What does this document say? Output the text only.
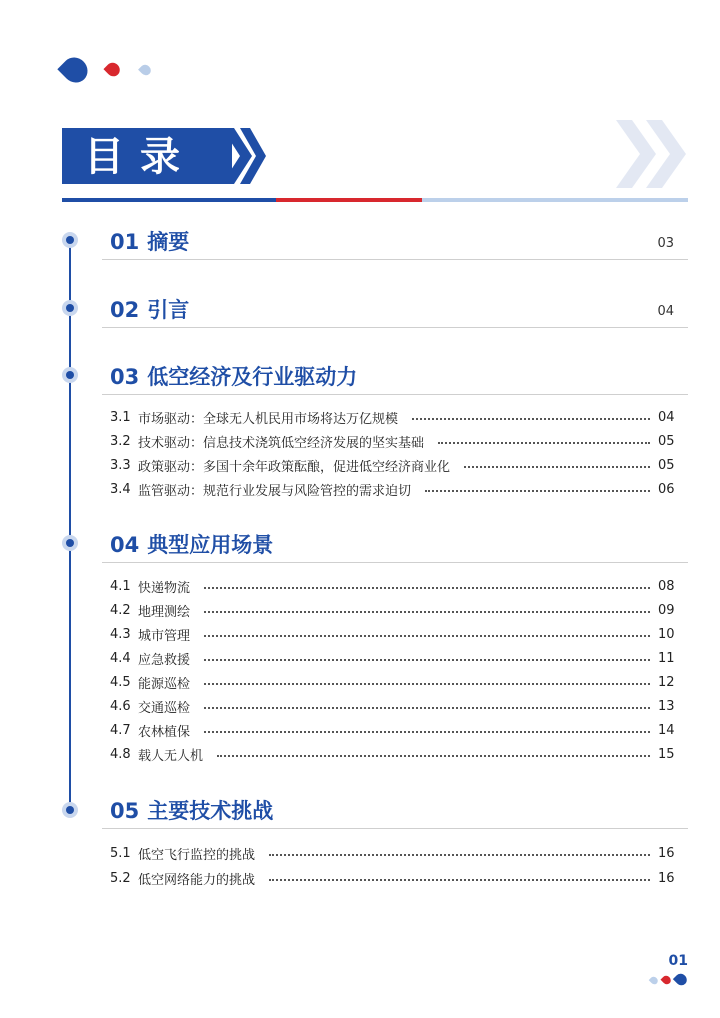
目录
01 摘要	03
02 引言	04
03 低空经济及行业驱动力
3.1 市场驱动：全球无人机民用市场将达万亿规模	04
3.2 技术驱动：信息技术浇筑低空经济发展的坚实基础	05
3.3 政策驱动：多国十余年政策酝酿，促进低空经济商业化	05
3.4 监管驱动：规范行业发展与风险管控的需求迫切	06
04 典型应用场景
4.1 快递物流	08
4.2 地理测绘	09
4.3 城市管理	10
4.4 应急救援	11
4.5 能源巡检	12
4.6 交通巡检	13
4.7 农林植保	14
4.8 载人无人机	15
05 主要技术挑战
5.1 低空飞行监控的挑战	16
5.2 低空网络能力的挑战	16
01
